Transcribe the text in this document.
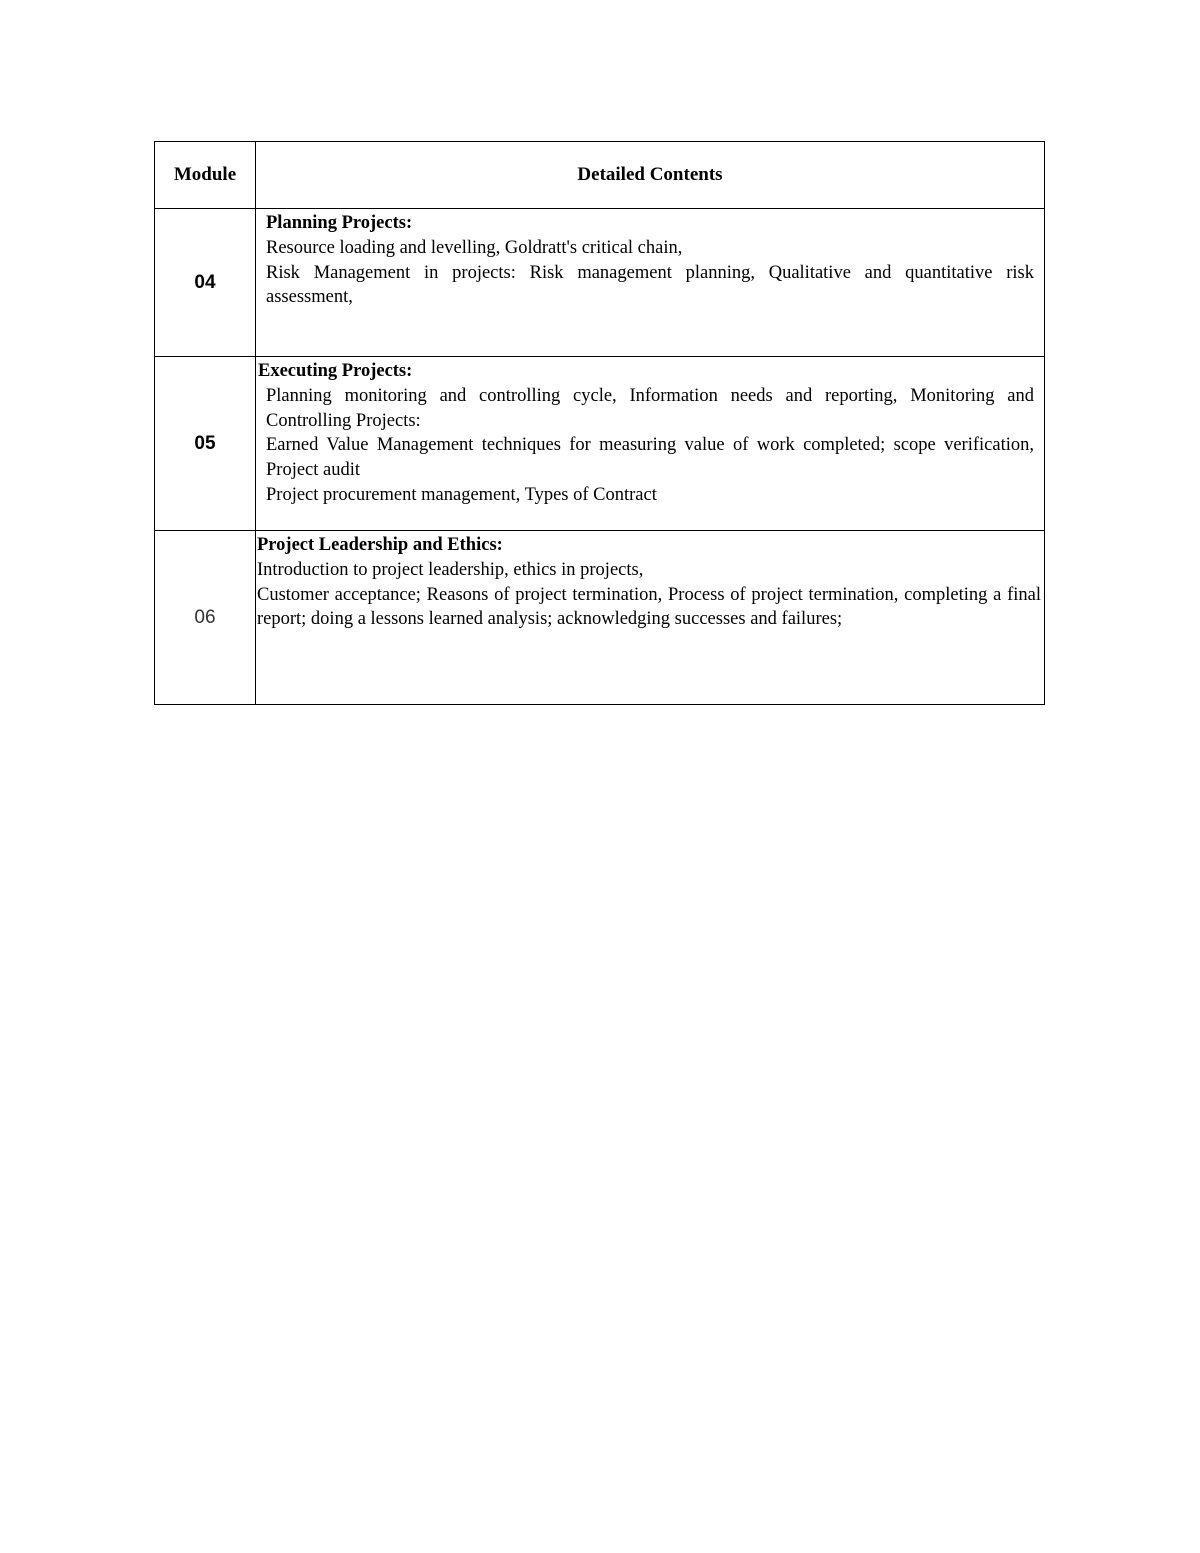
Module	Detailed Contents
04	Planning Projects:
Resource loading and levelling, Goldratt's critical chain,
Risk Management in projects: Risk management planning, Qualitative and quantitative risk assessment,

05	Executing Projects:
Planning monitoring and controlling cycle, Information needs and reporting, Monitoring and Controlling Projects:
Earned Value Management techniques for measuring value of work completed; scope verification, Project audit
Project procurement management, Types of Contract

06	Project Leadership and Ethics:
Introduction to project leadership, ethics in projects,
Customer acceptance; Reasons of project termination, Process of project termination, completing a final report; doing a lessons learned analysis; acknowledging successes and failures;
